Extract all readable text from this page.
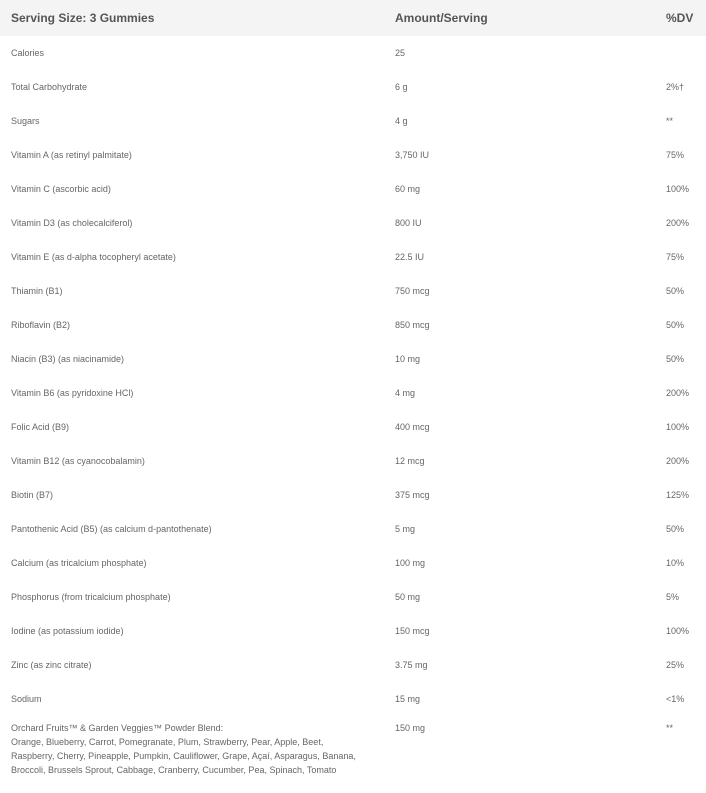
Serving Size: 3 Gummies	Amount/Serving	%DV
Calories	25
Total Carbohydrate	6 g	2%†
Sugars	4 g	**
Vitamin A (as retinyl palmitate)	3,750 IU	75%
Vitamin C (ascorbic acid)	60 mg	100%
Vitamin D3 (as cholecalciferol)	800 IU	200%
Vitamin E (as d-alpha tocopheryl acetate)	22.5 IU	75%
Thiamin (B1)	750 mcg	50%
Riboflavin (B2)	850 mcg	50%
Niacin (B3) (as niacinamide)	10 mg	50%
Vitamin B6 (as pyridoxine HCl)	4 mg	200%
Folic Acid (B9)	400 mcg	100%
Vitamin B12 (as cyanocobalamin)	12 mcg	200%
Biotin (B7)	375 mcg	125%
Pantothenic Acid (B5) (as calcium d-pantothenate)	5 mg	50%
Calcium (as tricalcium phosphate)	100 mg	10%
Phosphorus (from tricalcium phosphate)	50 mg	5%
Iodine (as potassium iodide)	150 mcg	100%
Zinc (as zinc citrate)	3.75 mg	25%
Sodium	15 mg	<1%
Orchard Fruits™ & Garden Veggies™ Powder Blend:
Orange, Blueberry, Carrot, Pomegranate, Plum, Strawberry, Pear, Apple, Beet,
Raspberry, Cherry, Pineapple, Pumpkin, Cauliflower, Grape, Açaí, Asparagus, Banana,
Broccoli, Brussels Sprout, Cabbage, Cranberry, Cucumber, Pea, Spinach, Tomato
150 mg	**
